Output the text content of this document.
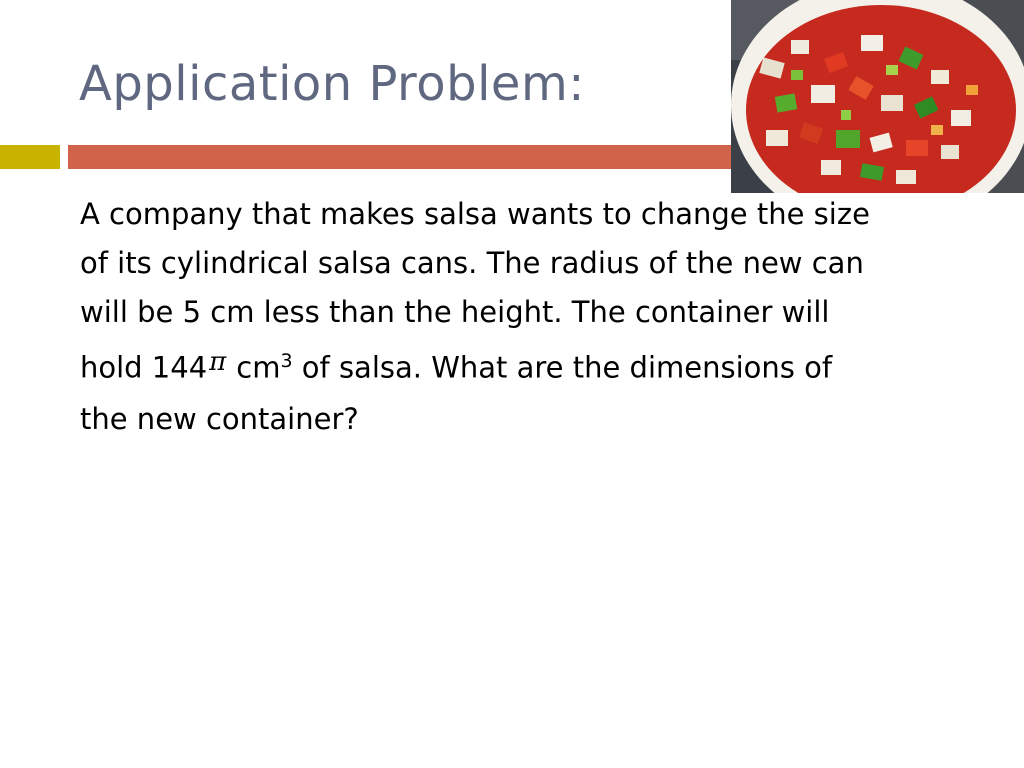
Application Problem:

A company that makes salsa wants to change the size

of its cylindrical salsa cans. The radius of the new can

will be 5 cm less than the height. The container will

hold 144π $cm^3$ of salsa. What are the dimensions of

the new container?
